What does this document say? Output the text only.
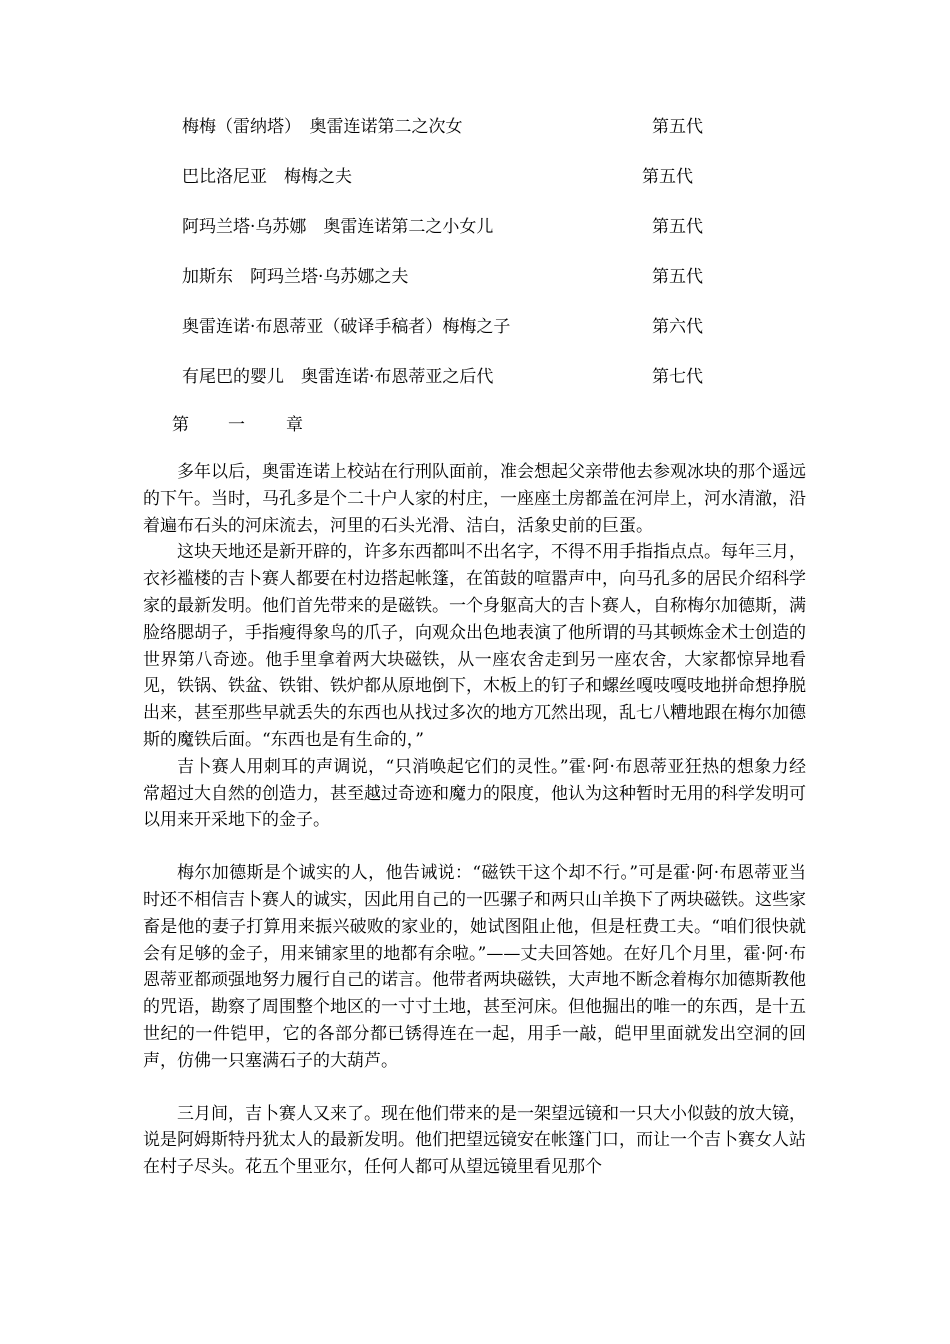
梅梅（雷纳塔）　奥雷连诺第二之次女	第五代
巴比洛尼亚　梅梅之夫	第五代
阿玛兰塔·乌苏娜　奥雷连诺第二之小女儿	第五代
加斯东　阿玛兰塔·乌苏娜之夫	第五代
奥雷连诺·布恩蒂亚（破译手稿者）梅梅之子	第六代
有尾巴的婴儿　奥雷连诺·布恩蒂亚之后代	第七代
第 一 章

多年以后，奥雷连诺上校站在行刑队面前，准会想起父亲带他去参观冰块的那个遥远的下午。当时，马孔多是个二十户人家的村庄，一座座土房都盖在河岸上，河水清澈，沿着遍布石头的河床流去，河里的石头光滑、洁白，活象史前的巨蛋。

这块天地还是新开辟的，许多东西都叫不出名字，不得不用手指指点点。每年三月，衣衫褴楼的吉卜赛人都要在村边搭起帐篷，在笛鼓的喧嚣声中，向马孔多的居民介绍科学家的最新发明。他们首先带来的是磁铁。一个身躯高大的吉卜赛人，自称梅尔加德斯，满脸络腮胡子，手指瘦得象鸟的爪子，向观众出色地表演了他所谓的马其顿炼金术士创造的世界第八奇迹。他手里拿着两大块磁铁，从一座农舍走到另一座农舍，大家都惊异地看见，铁锅、铁盆、铁钳、铁炉都从原地倒下，木板上的钉子和螺丝嘎吱嘎吱地拼命想挣脱出来，甚至那些早就丢失的东西也从找过多次的地方兀然出现，乱七八糟地跟在梅尔加德斯的魔铁后面。“东西也是有生命的，”

吉卜赛人用刺耳的声调说，“只消唤起它们的灵性。”霍·阿·布恩蒂亚狂热的想象力经常超过大自然的创造力，甚至越过奇迹和魔力的限度，他认为这种暂时无用的科学发明可以用来开采地下的金子。

梅尔加德斯是个诚实的人，他告诫说：“磁铁干这个却不行。”可是霍·阿·布恩蒂亚当时还不相信吉卜赛人的诚实，因此用自己的一匹骡子和两只山羊换下了两块磁铁。这些家畜是他的妻子打算用来振兴破败的家业的，她试图阻止他，但是枉费工夫。“咱们很快就会有足够的金子，用来铺家里的地都有余啦。”——丈夫回答她。在好几个月里，霍·阿·布恩蒂亚都顽强地努力履行自己的诺言。他带者两块磁铁，大声地不断念着梅尔加德斯教他的咒语，勘察了周围整个地区的一寸寸土地，甚至河床。但他掘出的唯一的东西，是十五世纪的一件铠甲，它的各部分都已锈得连在一起，用手一敲，皑甲里面就发出空洞的回声，仿佛一只塞满石子的大葫芦。

三月间，吉卜赛人又来了。现在他们带来的是一架望远镜和一只大小似鼓的放大镜，说是阿姆斯特丹犹太人的最新发明。他们把望远镜安在帐篷门口，而让一个吉卜赛女人站在村子尽头。花五个里亚尔，任何人都可从望远镜里看见那个
